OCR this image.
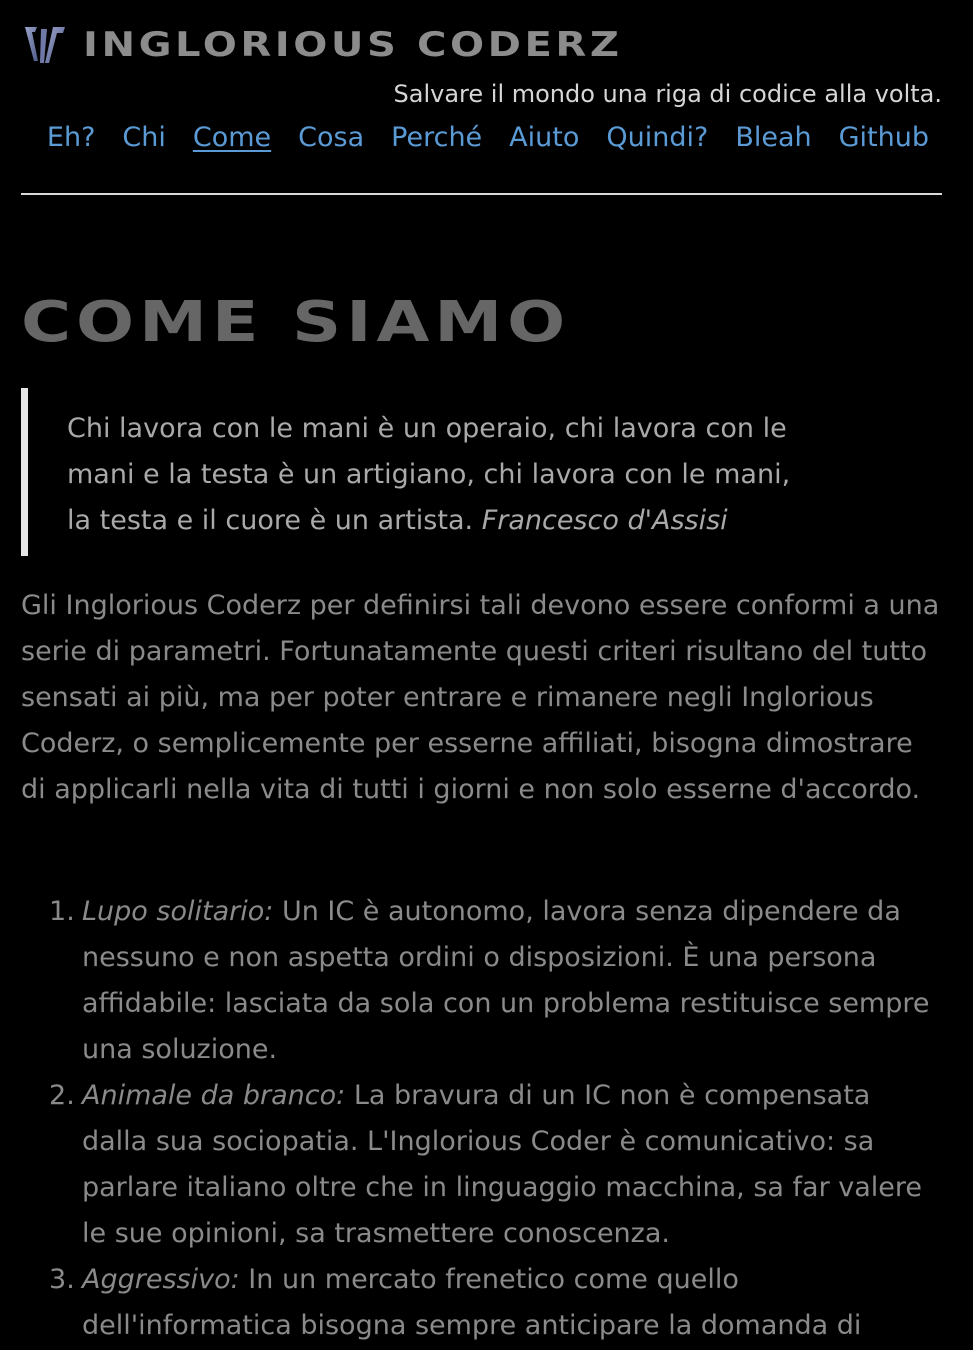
INGLORIOUS CODERZ
Salvare il mondo una riga di codice alla volta.
Eh? Chi Come Cosa Perché Aiuto Quindi? Bleah Github
COME SIAMO
Chi lavora con le mani è un operaio, chi lavora con le mani e la testa è un artigiano, chi lavora con le mani, la testa e il cuore è un artista. Francesco d'Assisi

Gli Inglorious Coderz per definirsi tali devono essere conformi a una serie di parametri. Fortunatamente questi criteri risultano del tutto sensati ai più, ma per poter entrare e rimanere negli Inglorious Coderz, o semplicemente per esserne affiliati, bisogna dimostrare di applicarli nella vita di tutti i giorni e non solo esserne d'accordo.

Lupo solitario: Un IC è autonomo, lavora senza dipendere da nessuno e non aspetta ordini o disposizioni. È una persona affidabile: lasciata da sola con un problema restituisce sempre una soluzione.
Animale da branco: La bravura di un IC non è compensata dalla sua sociopatia. L'Inglorious Coder è comunicativo: sa parlare italiano oltre che in linguaggio macchina, sa far valere le sue opinioni, sa trasmettere conoscenza.
Aggressivo: In un mercato frenetico come quello dell'informatica bisogna sempre anticipare la domanda di
